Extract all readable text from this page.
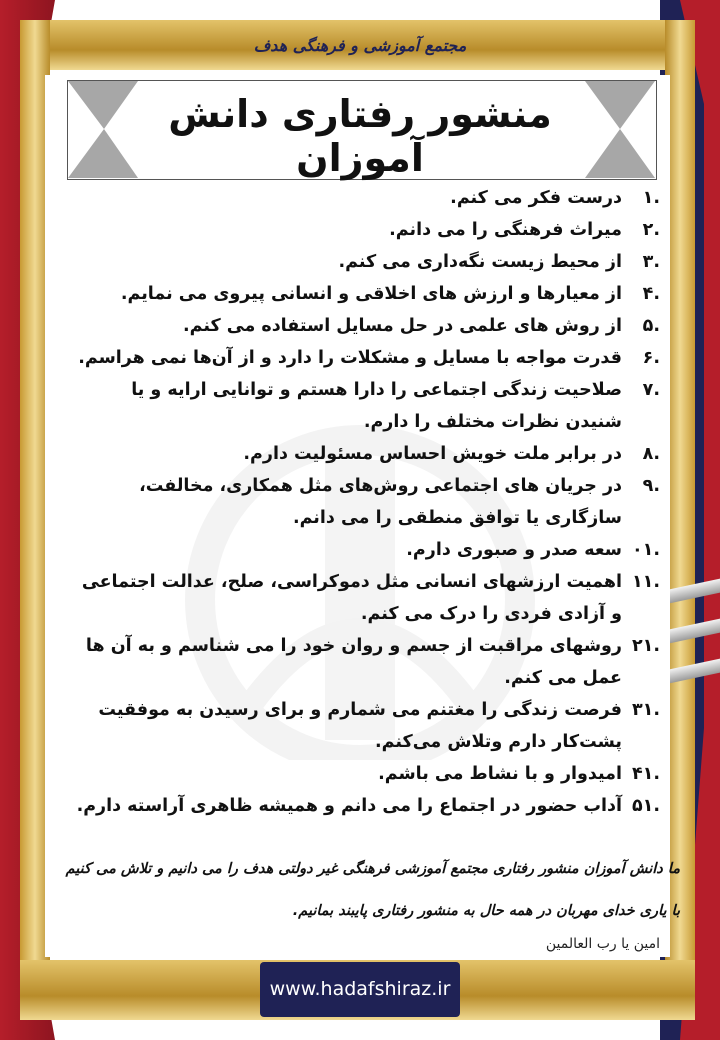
مجتمع آموزشی و فرهنگی هدف
منشور رفتاری دانش آموزان
.۱
درست فکر می کنم.
.۲
میراث فرهنگی را می دانم.
.۳
از محیط زیست نگه‌داری می کنم.
.۴
از معیارها و ارزش های اخلاقی و انسانی پیروی می نمایم.
.۵
از روش های علمی در حل مسایل استفاده می کنم.
.۶
قدرت مواجه با مسایل و مشکلات را دارد و از آن‌ها نمی هراسم.
.۷
صلاحیت زندگی اجتماعی را دارا هستم و توانایی ارایه و یا شنیدن نظرات مختلف را دارم.
.۸
در برابر ملت خویش احساس مسئولیت دارم.
.۹
در جریان های اجتماعی روش‌های مثل همکاری، مخالفت، سازگاری یا توافق منطقی را می دانم.
.۰۱
سعه صدر و صبوری دارم.
.۱۱
اهمیت ارزشهای انسانی مثل دموکراسی، صلح، عدالت اجتماعی و آزادی فردی را درک می کنم.
.۲۱
روشهای مراقبت از جسم و روان خود را می شناسم و به آن ها عمل می کنم.
.۳۱
فرصت زندگی را مغتنم می شمارم و برای رسیدن به موفقیت پشت‌کار دارم وتلاش می‌کنم.
.۴۱
امیدوار و با نشاط می باشم.
.۵۱
آداب حضور در اجتماع را می دانم و همیشه ظاهری آراسته دارم.
ما دانش آموزان منشور رفتاری مجتمع آموزشی فرهنگی غیر دولتی هدف را می دانیم و تلاش می کنیم با یاری خدای مهربان در همه حال به منشور رفتاری پایبند بمانیم.
امین یا رب العالمین
www.hadafshiraz.ir
